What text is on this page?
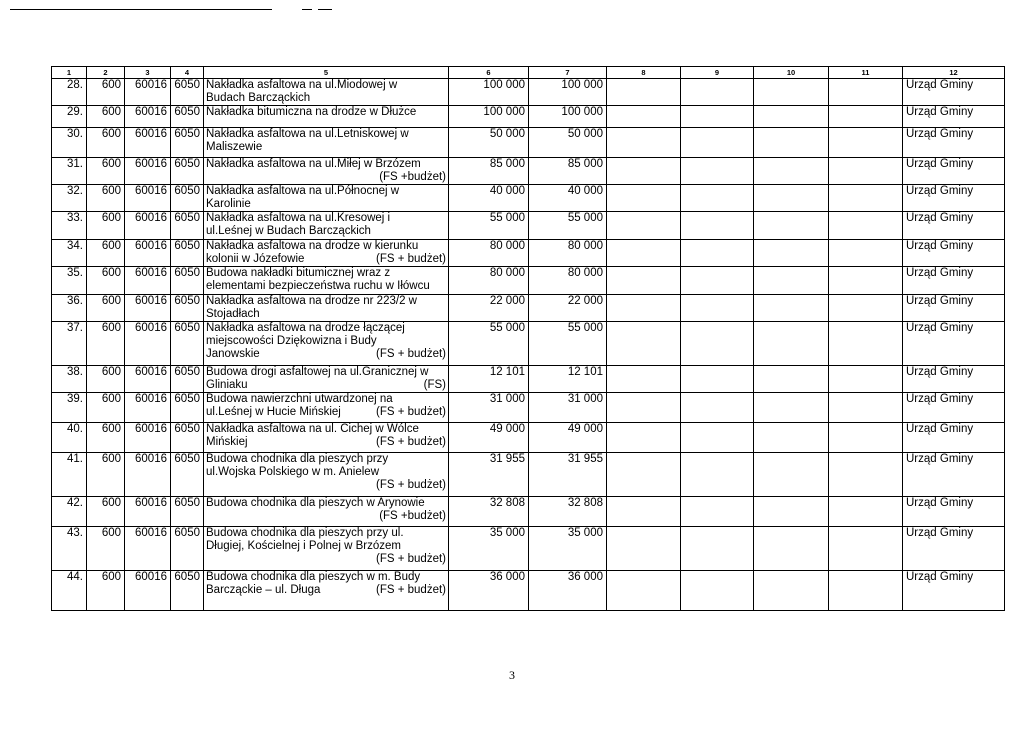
1	2	3	4	5	6	7	8	9	10	11	12
28.	600	60016	6050	Nakładka asfaltowa na ul.Miodowej w
Budach Barcząckich	100 000	100 000					Urząd Gminy
29.	600	60016	6050	Nakładka bitumiczna na drodze w Dłużce	100 000	100 000					Urząd Gminy
30.	600	60016	6050	Nakładka asfaltowa na ul.Letniskowej w
Maliszewie	50 000	50 000					Urząd Gminy
31.	600	60016	6050	Nakładka asfaltowa na ul.Miłej w Brzózem
(FS +budżet)	85 000	85 000					Urząd Gminy
32.	600	60016	6050	Nakładka asfaltowa na ul.Północnej w
Karolinie	40 000	40 000					Urząd Gminy
33.	600	60016	6050	Nakładka asfaltowa na ul.Kresowej i
ul.Leśnej w Budach Barcząckich	55 000	55 000					Urząd Gminy
34.	600	60016	6050	Nakładka asfaltowa na drodze w kierunku
kolonii w Józefowie (FS + budżet)	80 000	80 000					Urząd Gminy
35.	600	60016	6050	Budowa nakładki bitumicznej wraz z
elementami bezpieczeństwa ruchu w Iłówcu	80 000	80 000					Urząd Gminy
36.	600	60016	6050	Nakładka asfaltowa na drodze nr 223/2 w
Stojadłach	22 000	22 000					Urząd Gminy
37.	600	60016	6050	Nakładka asfaltowa na drodze łączącej
miejscowości Dziękowizna i Budy
Janowskie (FS + budżet)	55 000	55 000					Urząd Gminy
38.	600	60016	6050	Budowa drogi asfaltowej na ul.Granicznej w
Gliniaku (FS)	12 101	12 101					Urząd Gminy
39.	600	60016	6050	Budowa nawierzchni utwardzonej na
ul.Leśnej w Hucie Mińskiej (FS + budżet)	31 000	31 000					Urząd Gminy
40.	600	60016	6050	Nakładka asfaltowa na ul. Cichej w Wólce
Mińskiej (FS + budżet)	49 000	49 000					Urząd Gminy
41.	600	60016	6050	Budowa chodnika dla pieszych przy
ul.Wojska Polskiego w m. Anielew
(FS + budżet)	31 955	31 955					Urząd Gminy
42.	600	60016	6050	Budowa chodnika dla pieszych w Arynowie
(FS +budżet)	32 808	32 808					Urząd Gminy
43.	600	60016	6050	Budowa chodnika dla pieszych przy ul.
Długiej, Kościelnej i Polnej w Brzózem
(FS + budżet)	35 000	35 000					Urząd Gminy
44.	600	60016	6050	Budowa chodnika dla pieszych w m. Budy
Barcząckie – ul. Długa (FS + budżet)	36 000	36 000					Urząd Gminy
3
